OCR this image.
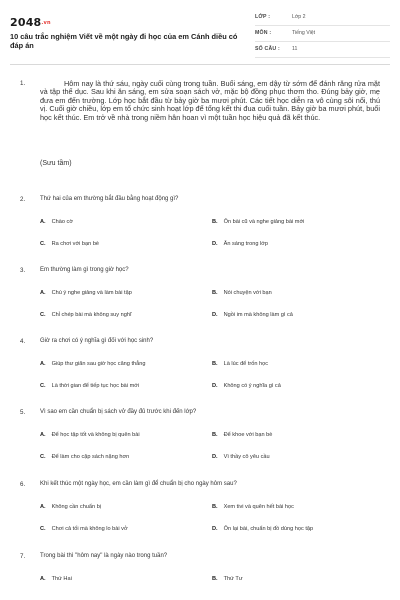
2048.vn
10 câu trắc nghiệm Viết về một ngày đi học của em Cánh diều có đáp án
LỚP :	Lớp 2
MÔN :	Tiếng Việt
SỐ CÂU : 11
1.	Hôm nay là thứ sáu, ngày cuối cùng trong tuần. Buổi sáng, em dậy từ sớm để đánh răng rửa mặt và tập thể dục. Sau khi ăn sáng, em sửa soạn sách vở, mặc bộ đồng phục thơm tho. Đúng bảy giờ, mẹ đưa em đến trường. Lớp học bắt đầu từ bảy giờ ba mươi phút. Các tiết học diễn ra vô cùng sôi nổi, thú vị. Cuối giờ chiều, lớp em tổ chức sinh hoạt lớp để tổng kết thi đua cuối tuần. Bảy giờ ba mươi phút, buổi học kết thúc. Em trở về nhà trong niềm hân hoan vì một tuần học hiệu quả đã kết thúc.

(Sưu tầm)
2. Thứ hai của em thường bắt đầu bằng hoạt động gì?
A. Chào cờ	B. Ôn bài cũ và nghe giảng bài mới
C. Ra chơi với bạn bè	D. Ăn sáng trong lớp
3. Em thường làm gì trong giờ học?
A. Chú ý nghe giảng và làm bài tập	B. Nói chuyện với bạn
C. Chỉ chép bài mà không suy nghĩ	D. Ngồi im mà không làm gì cả
4. Giờ ra chơi có ý nghĩa gì đối với học sinh?
A. Giúp thư giãn sau giờ học căng thẳng	B. Là lúc để trốn học
C. Là thời gian để tiếp tục học bài mới	D. Không có ý nghĩa gì cả
5. Vì sao em cần chuẩn bị sách vở đầy đủ trước khi đến lớp?
A. Để học tập tốt và không bị quên bài	B. Để khoe với bạn bè
C. Để làm cho cặp sách nặng hơn	D. Vì thầy cô yêu cầu
6. Khi kết thúc một ngày học, em cần làm gì để chuẩn bị cho ngày hôm sau?
A. Không cần chuẩn bị	B. Xem tivi và quên hết bài học
C. Chơi cả tối mà không lo bài vở	D. Ôn lại bài, chuẩn bị đồ dùng học tập
7. Trong bài thì "hôm nay" là ngày nào trong tuần?
A. Thứ Hai	B. Thứ Tư
